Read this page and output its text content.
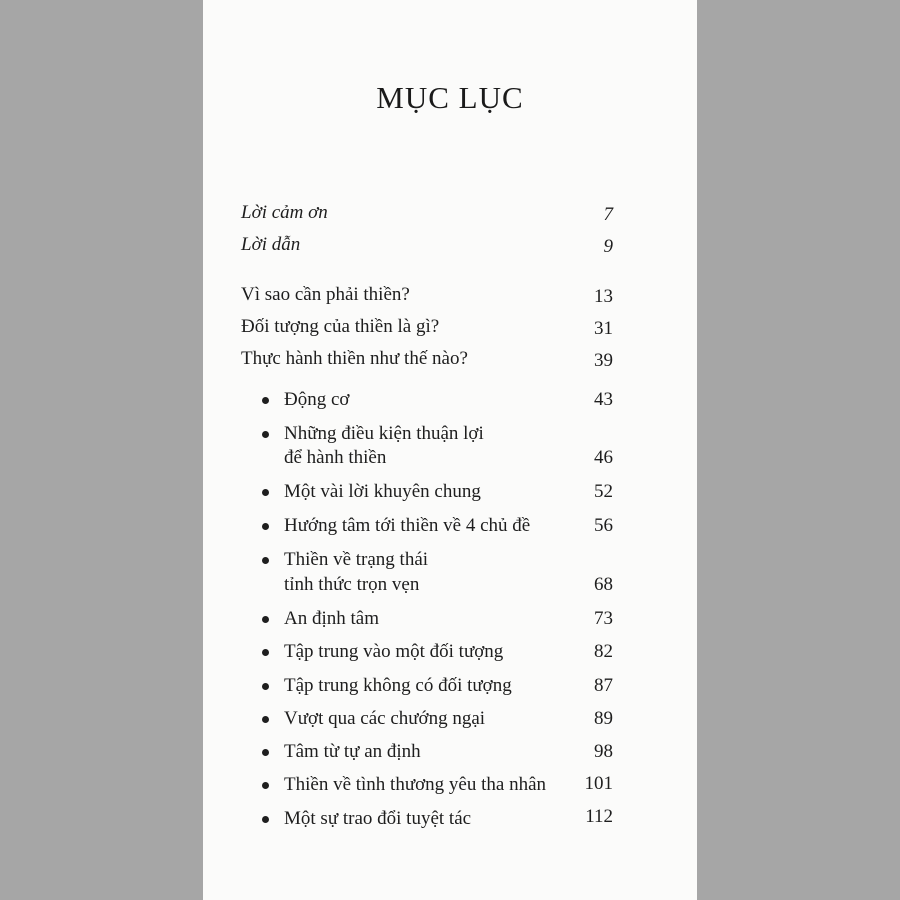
MỤC LỤC
Lời cảm ơn	7
Lời dẫn	9
Vì sao cần phải thiền?	13
Đối tượng của thiền là gì?	31
Thực hành thiền như thế nào?	39
Động cơ	43
Những điều kiện thuận lợi
để hành thiền	46
Một vài lời khuyên chung	52
Hướng tâm tới thiền về 4 chủ đề	56
Thiền về trạng thái
tỉnh thức trọn vẹn	68
An định tâm	73
Tập trung vào một đối tượng	82
Tập trung không có đối tượng	87
Vượt qua các chướng ngại	89
Tâm từ tự an định	98
Thiền về tình thương yêu tha nhân 101
Một sự trao đổi tuyệt tác	112
